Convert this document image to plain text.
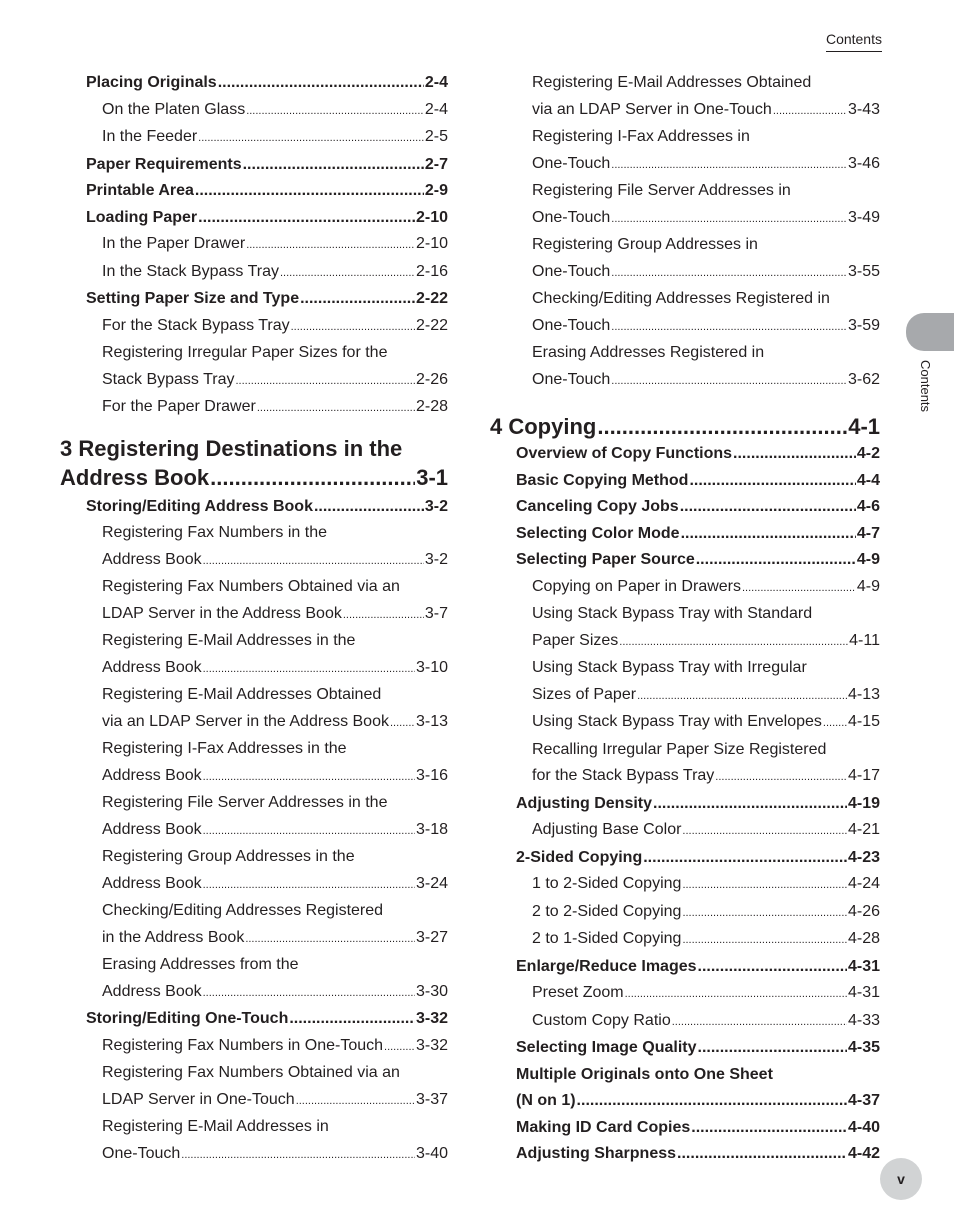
Contents
Placing Originals .....	2-4
On the Platen Glass .....	2-4
In the Feeder .....	2-5
Paper Requirements .....	2-7
Printable Area .....	2-9
Loading Paper .....	2-10
In the Paper Drawer .....	2-10
In the Stack Bypass Tray .....	2-16
Setting Paper Size and Type .....	2-22
For the Stack Bypass Tray .....	2-22
Registering Irregular Paper Sizes for the
Stack Bypass Tray .....	2-26
For the Paper Drawer .....	2-28
3 Registering Destinations in the
Address Book .....	3-1
Storing/Editing Address Book .....	3-2
Registering Fax Numbers in the
Address Book .....	3-2
Registering Fax Numbers Obtained via an
LDAP Server in the Address Book .....	3-7
Registering E-Mail Addresses in the
Address Book .....	3-10
Registering E-Mail Addresses Obtained
via an LDAP Server in the Address Book ..... 3-13
Registering I-Fax Addresses in the
Address Book .....	3-16
Registering File Server Addresses in the
Address Book .....	3-18
Registering Group Addresses in the
Address Book .....	3-24
Checking/Editing Addresses Registered
in the Address Book .....	3-27
Erasing Addresses from the
Address Book .....	3-30
Storing/Editing One-Touch .....	3-32
Registering Fax Numbers in One-Touch ..... 3-32
Registering Fax Numbers Obtained via an
LDAP Server in One-Touch .....	3-37
Registering E-Mail Addresses in
One-Touch .....	3-40
Registering E-Mail Addresses Obtained
via an LDAP Server in One-Touch .....	3-43
Registering I-Fax Addresses in
One-Touch .....	3-46
Registering File Server Addresses in
One-Touch .....	3-49
Registering Group Addresses in
One-Touch .....	3-55
Checking/Editing Addresses Registered in
One-Touch .....	3-59
Erasing Addresses Registered in
One-Touch .....	3-62
4 Copying .....	4-1
Overview of Copy Functions .....	4-2
Basic Copying Method .....	4-4
Canceling Copy Jobs .....	4-6
Selecting Color Mode .....	4-7
Selecting Paper Source .....	4-9
Copying on Paper in Drawers .....	4-9
Using Stack Bypass Tray with Standard
Paper Sizes .....	4-11
Using Stack Bypass Tray with Irregular
Sizes of Paper .....	4-13
Using Stack Bypass Tray with Envelopes ..... 4-15
Recalling Irregular Paper Size Registered
for the Stack Bypass Tray .....	4-17
Adjusting Density .....	4-19
Adjusting Base Color .....	4-21
2-Sided Copying .....	4-23
1 to 2-Sided Copying .....	4-24
2 to 2-Sided Copying .....	4-26
2 to 1-Sided Copying .....	4-28
Enlarge/Reduce Images .....	4-31
Preset Zoom .....	4-31
Custom Copy Ratio .....	4-33
Selecting Image Quality .....	4-35
Multiple Originals onto One Sheet
(N on 1) .....	4-37
Making ID Card Copies .....	4-40
Adjusting Sharpness .....	4-42
Contents
v
